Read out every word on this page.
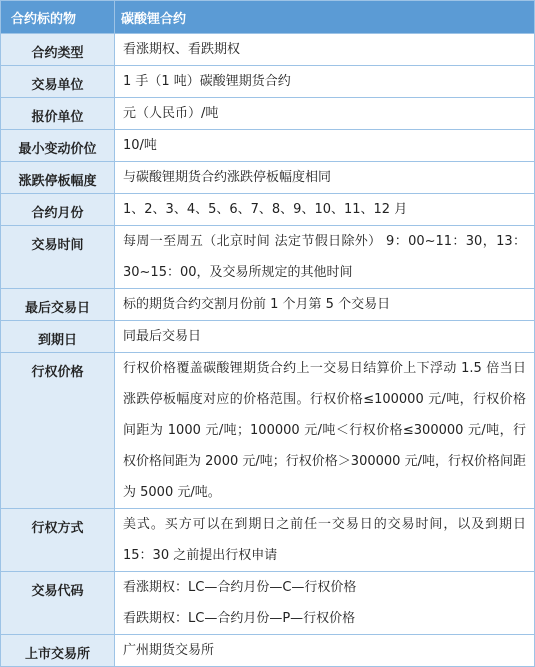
合约标的物	碳酸锂合约
合约类型	看涨期权、看跌期权

交易单位	1 手（1 吨）碳酸锂期货合约

报价单位	元（人民币）/吨

最小变动价位	10/吨

涨跌停板幅度	与碳酸锂期货合约涨跌停板幅度相同

合约月份	1、2、3、4、5、6、7、8、9、10、11、12 月

交易时间	每周一至周五（北京时间 法定节假日除外） 9：00~11：30，13：30~15：00，及交易所规定的其他时间

最后交易日	标的期货合约交割月份前 1 个月第 5 个交易日

到期日	同最后交易日

行权价格	行权价格覆盖碳酸锂期货合约上一交易日结算价上下浮动 1.5 倍当日涨跌停板幅度对应的价格范围。行权价格≤100000 元/吨，行权价格间距为 1000 元/吨；100000 元/吨＜行权价格≤300000 元/吨，行权价格间距为 2000 元/吨；行权价格＞300000 元/吨，行权价格间距为 5000 元/吨。

行权方式	美式。买方可以在到期日之前任一交易日的交易时间，以及到期日 15：30 之前提出行权申请

交易代码	看涨期权：LC—合约月份—C—行权价格
看跌期权：LC—合约月份—P—行权价格

上市交易所	广州期货交易所
